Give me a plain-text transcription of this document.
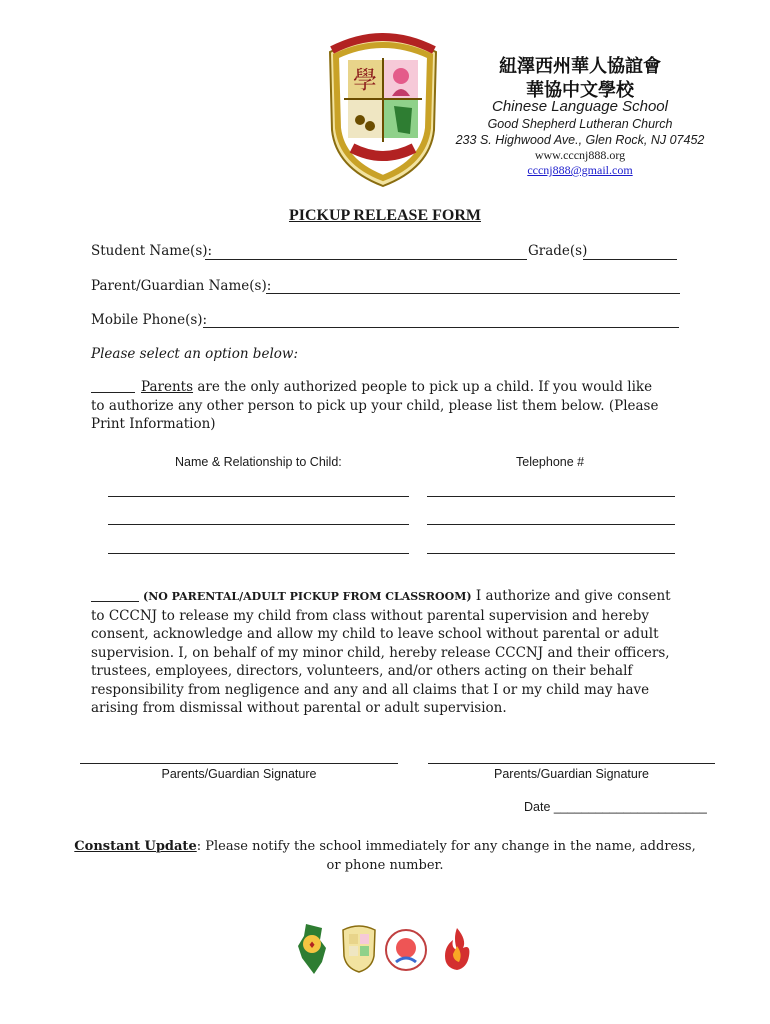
學	紐澤西州華人協誼會
華協中文學校
Chinese Language School
Good Shepherd Lutheran Church
233 S. Highwood Ave., Glen Rock, NJ 07452
www.cccnj888.org
cccnj888@gmail.com
PICKUP RELEASE FORM
Student Name(s):	Grade(s)
Parent/Guardian Name(s):
Mobile Phone(s):
Please select an option below:
Parents are the only authorized people to pick up a child. If you would like to authorize any other person to pick up your child, please list them below. (Please Print Information)
Name & Relationship to Child:	Telephone #
(NO PARENTAL/ADULT PICKUP FROM CLASSROOM) I authorize and give consent to CCCNJ to release my child from class without parental supervision and hereby consent, acknowledge and allow my child to leave school without parental or adult supervision. I, on behalf of my minor child, hereby release CCCNJ and their officers, trustees, employees, directors, volunteers, and/or others acting on their behalf responsibility from negligence and any and all claims that I or my child may have arising from dismissal without parental or adult supervision.
Parents/Guardian Signature	Parents/Guardian Signature
Date ______________________
Constant Update: Please notify the school immediately for any change in the name, address, or phone number.
♦
